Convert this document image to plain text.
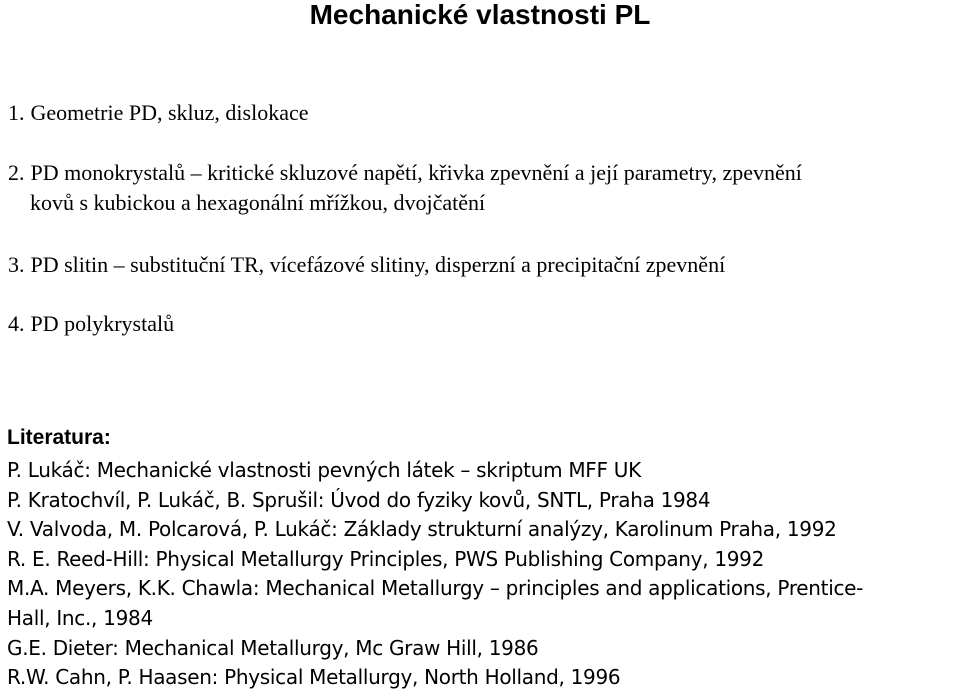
Mechanické vlastnosti PL
1. Geometrie PD, skluz, dislokace
2. PD monokrystalů – kritické skluzové napětí, křivka zpevnění a její parametry, zpevnění
kovů s kubickou a hexagonální mřížkou, dvojčatění
3. PD slitin – substituční TR, vícefázové slitiny, disperzní a precipitační zpevnění
4. PD polykrystalů
Literatura:
P. Lukáč: Mechanické vlastnosti pevných látek – skriptum MFF UK
P. Kratochvíl, P. Lukáč, B. Sprušil: Úvod do fyziky kovů, SNTL, Praha 1984
V. Valvoda, M. Polcarová, P. Lukáč: Základy strukturní analýzy, Karolinum Praha, 1992
R. E. Reed-Hill: Physical Metallurgy Principles, PWS Publishing Company, 1992
M.A. Meyers, K.K. Chawla: Mechanical Metallurgy – principles and applications, Prentice-
Hall, Inc., 1984
G.E. Dieter: Mechanical Metallurgy, Mc Graw Hill, 1986
R.W. Cahn, P. Haasen: Physical Metallurgy, North Holland, 1996
